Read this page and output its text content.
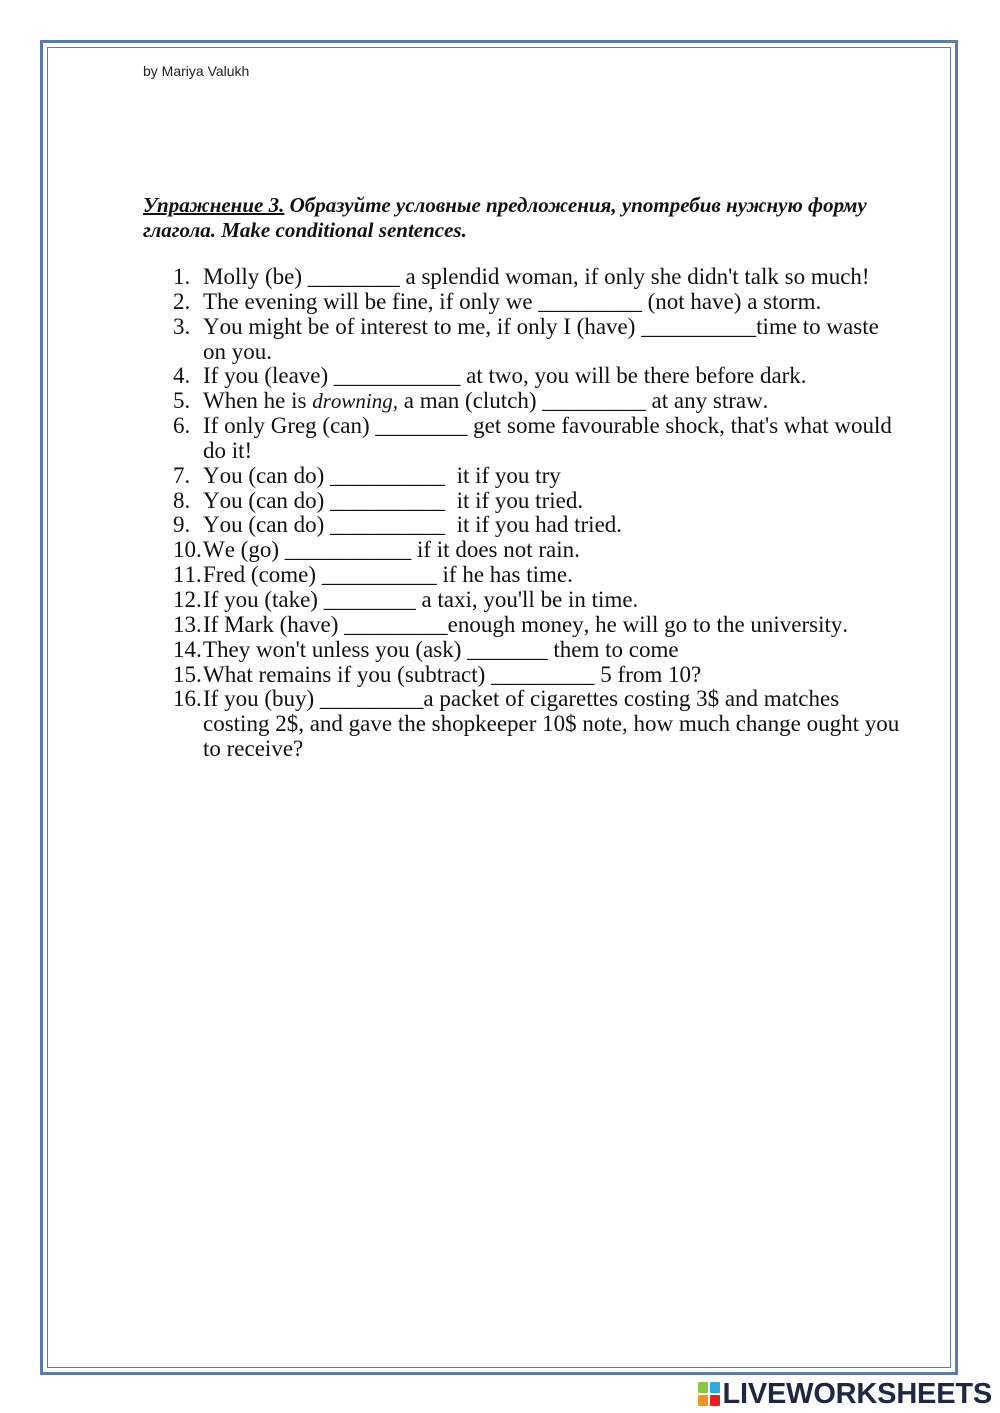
by Mariya Valukh
Упражнение 3. Образуйте условные предложения, употребив нужную форму
глагола. Make conditional sentences.
1. Molly (be) ________ a splendid woman, if only she didn't talk so much!
2. The evening will be fine, if only we _________ (not have) a storm.
3. You might be of interest to me, if only I (have) __________time to waste
on you.
4. If you (leave) ___________ at two, you will be there before dark.
5. When he is drowning, a man (clutch) _________ at any straw.
6. If only Greg (can) ________ get some favourable shock, that's what would
do it!
7. You (can do) __________  it if you try
8. You (can do) __________  it if you tried.
9. You (can do) __________  it if you had tried.
10. We (go) ___________ if it does not rain.
11. Fred (come) __________ if he has time.
12. If you (take) ________ a taxi, you'll be in time.
13. If Mark (have) _________enough money, he will go to the university.
14. They won't unless you (ask) _______ them to come
15. What remains if you (subtract) _________ 5 from 10?
16. If you (buy) _________a packet of cigarettes costing 3$ and matches
costing 2$, and gave the shopkeeper 10$ note, how much change ought you
to receive?
LIVEWORKSHEETS
